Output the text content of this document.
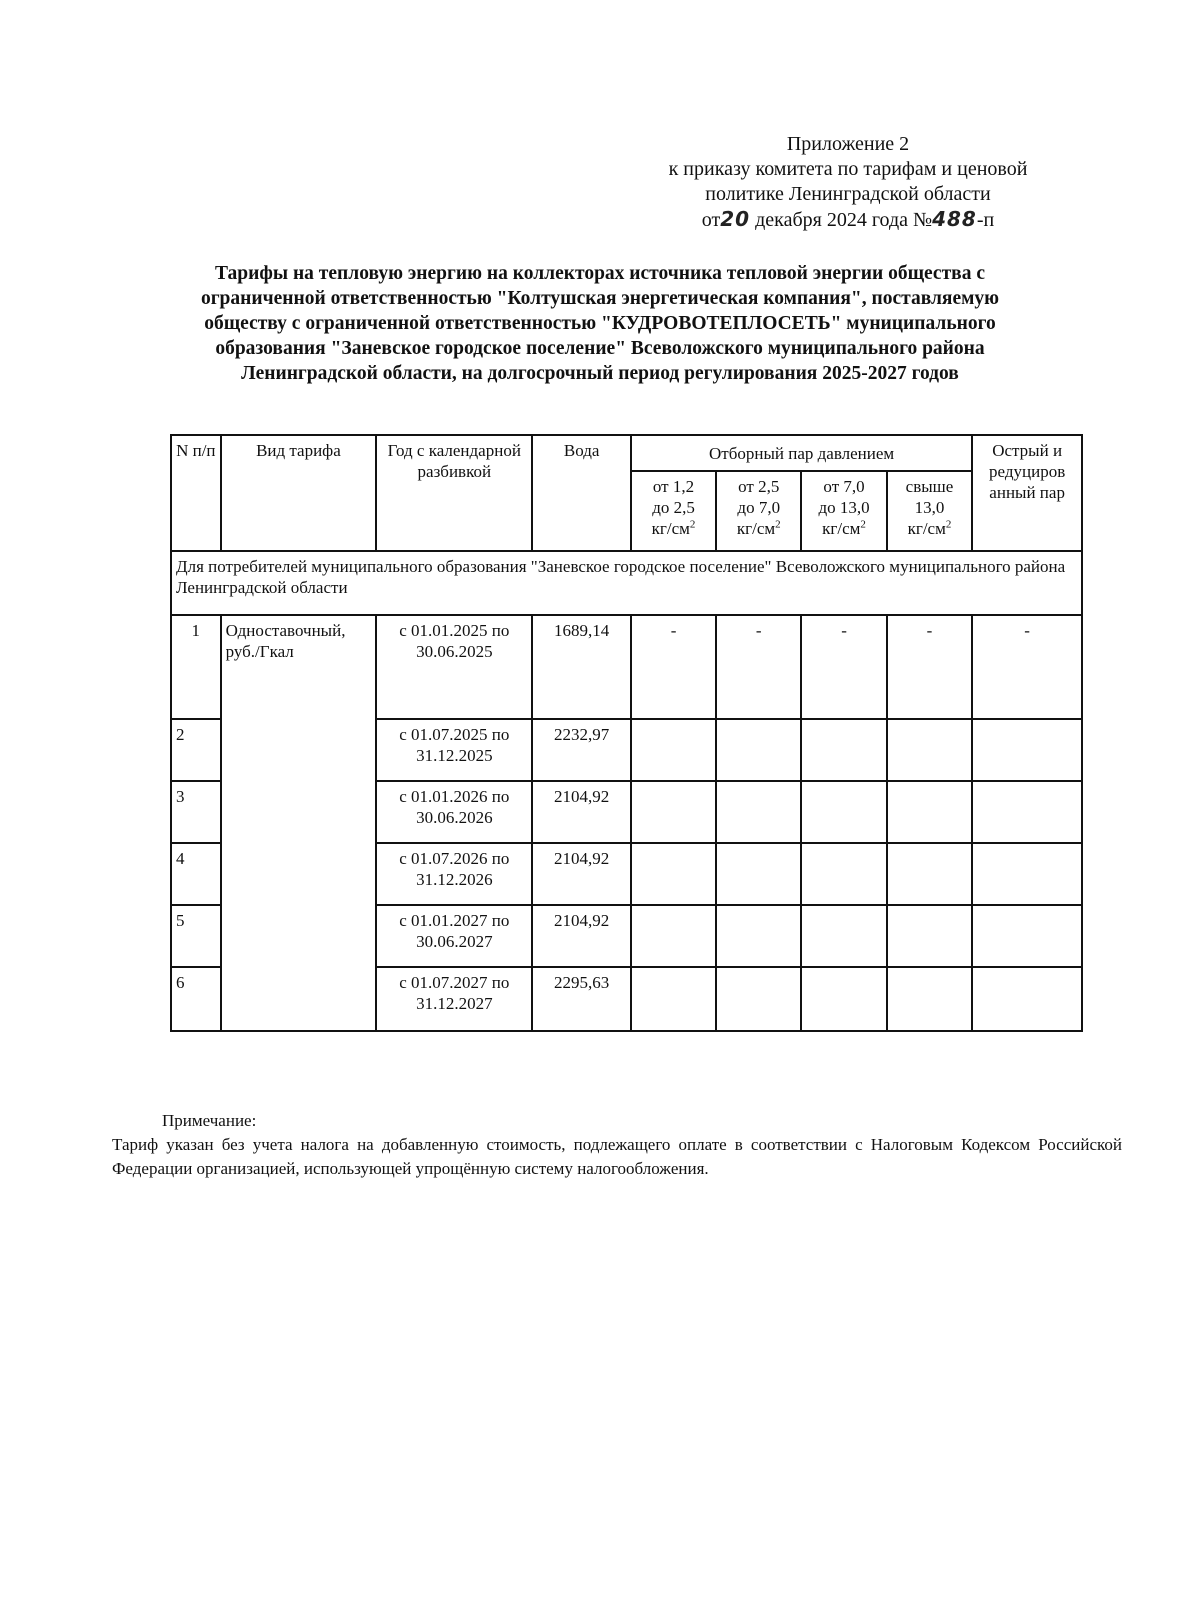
Приложение 2
к приказу комитета по тарифам и ценовой
политике Ленинградской области
от20 декабря 2024 года №488-п
Тарифы на тепловую энергию на коллекторах источника тепловой энергии общества с
ограниченной ответственностью "Колтушская энергетическая компания", поставляемую
обществу с ограниченной ответственностью "КУДРОВОТЕПЛОСЕТЬ" муниципального
образования "Заневское городское поселение" Всеволожского муниципального района
Ленинградской области, на долгосрочный период регулирования 2025-2027 годов
N п/п	Вид тарифа	Год с календарной разбивкой	Вода	Отборный пар давлением				Острый и редуциров анный пар
				от 1,2
до 2,5
$кг/см^2$	от 2,5
до 7,0
$кг/см^2$	от 7,0
до 13,0
$кг/см^2$	свыше
13,0
$кг/см^2$
Для потребителей муниципального образования "Заневское городское поселение" Всеволожского муниципального района Ленинградской области								
1	Одноставочный, руб./Гкал	с 01.01.2025 по
30.06.2025	1689,14	-	-	-	-	-
2		с 01.07.2025 по
31.12.2025	2232,97					
3		с 01.01.2026 по
30.06.2026	2104,92					
4		с 01.07.2026 по
31.12.2026	2104,92					
5		с 01.01.2027 по
30.06.2027	2104,92					
6		с 01.07.2027 по
31.12.2027	2295,63					
Примечание:
Тариф указан без учета налога на добавленную стоимость, подлежащего оплате в соответствии с Налоговым Кодексом Российской Федерации организацией, использующей упрощённую систему налогообложения.
